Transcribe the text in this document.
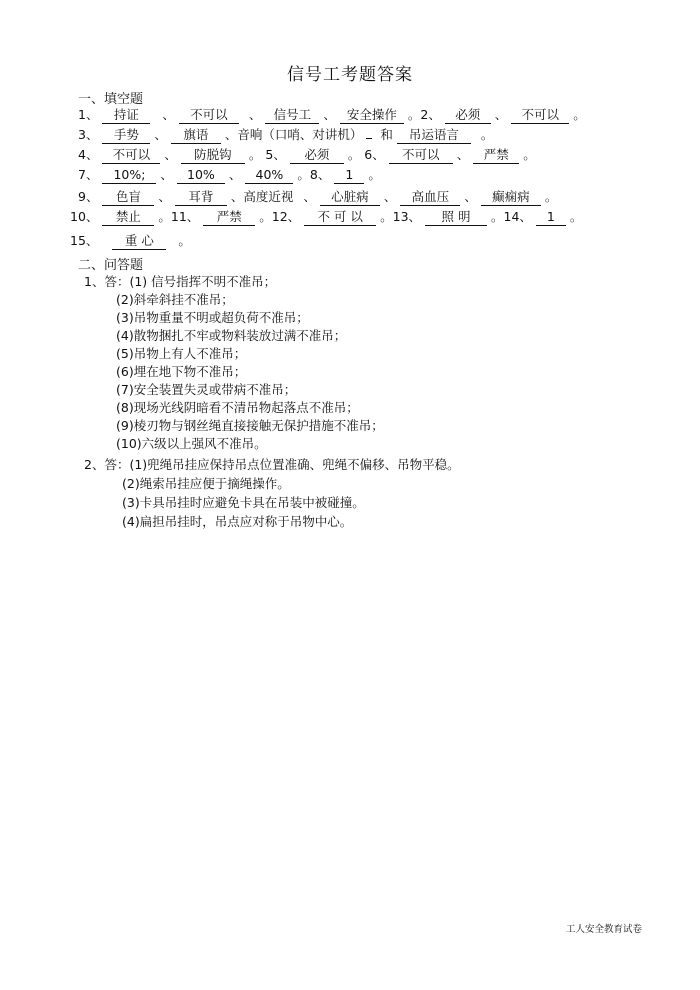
信号工考题答案
一、填空题
1、 持证 、 不可以 、 信号工 、 安全操作 。2、 必须 、 不可以 。
3、 手势 、 旗语 、音响（口哨、对讲机） 和 吊运语言 。
4、 不可以 、 防脱钩 。 5、 必须 。 6、 不可以 、 严禁 。
7、 10%; 、 10% 、 40% 。8、 1 。
9、 色盲 、 耳背 、高度近视 、 心脏病 、 高血压 、 癫痫病 。
10、 禁止 。11、 严禁 。12、 不 可 以 。13、 照 明 。14、 1 。
15、 重 心 。
二、问答题
1、答：(1) 信号指挥不明不准吊；
(2)斜牵斜挂不准吊；
(3)吊物重量不明或超负荷不准吊；
(4)散物捆扎不牢或物料装放过满不准吊；
(5)吊物上有人不准吊；
(6)埋在地下物不准吊；
(7)安全装置失灵或带病不准吊；
(8)现场光线阴暗看不清吊物起落点不准吊；
(9)棱刃物与钢丝绳直接接触无保护措施不准吊；
(10)六级以上强风不准吊。
2、答：(1)兜绳吊挂应保持吊点位置准确、兜绳不偏移、吊物平稳。
(2)绳索吊挂应便于摘绳操作。
(3)卡具吊挂时应避免卡具在吊装中被碰撞。
(4)扁担吊挂时，吊点应对称于吊物中心。
工人安全教育试卷
